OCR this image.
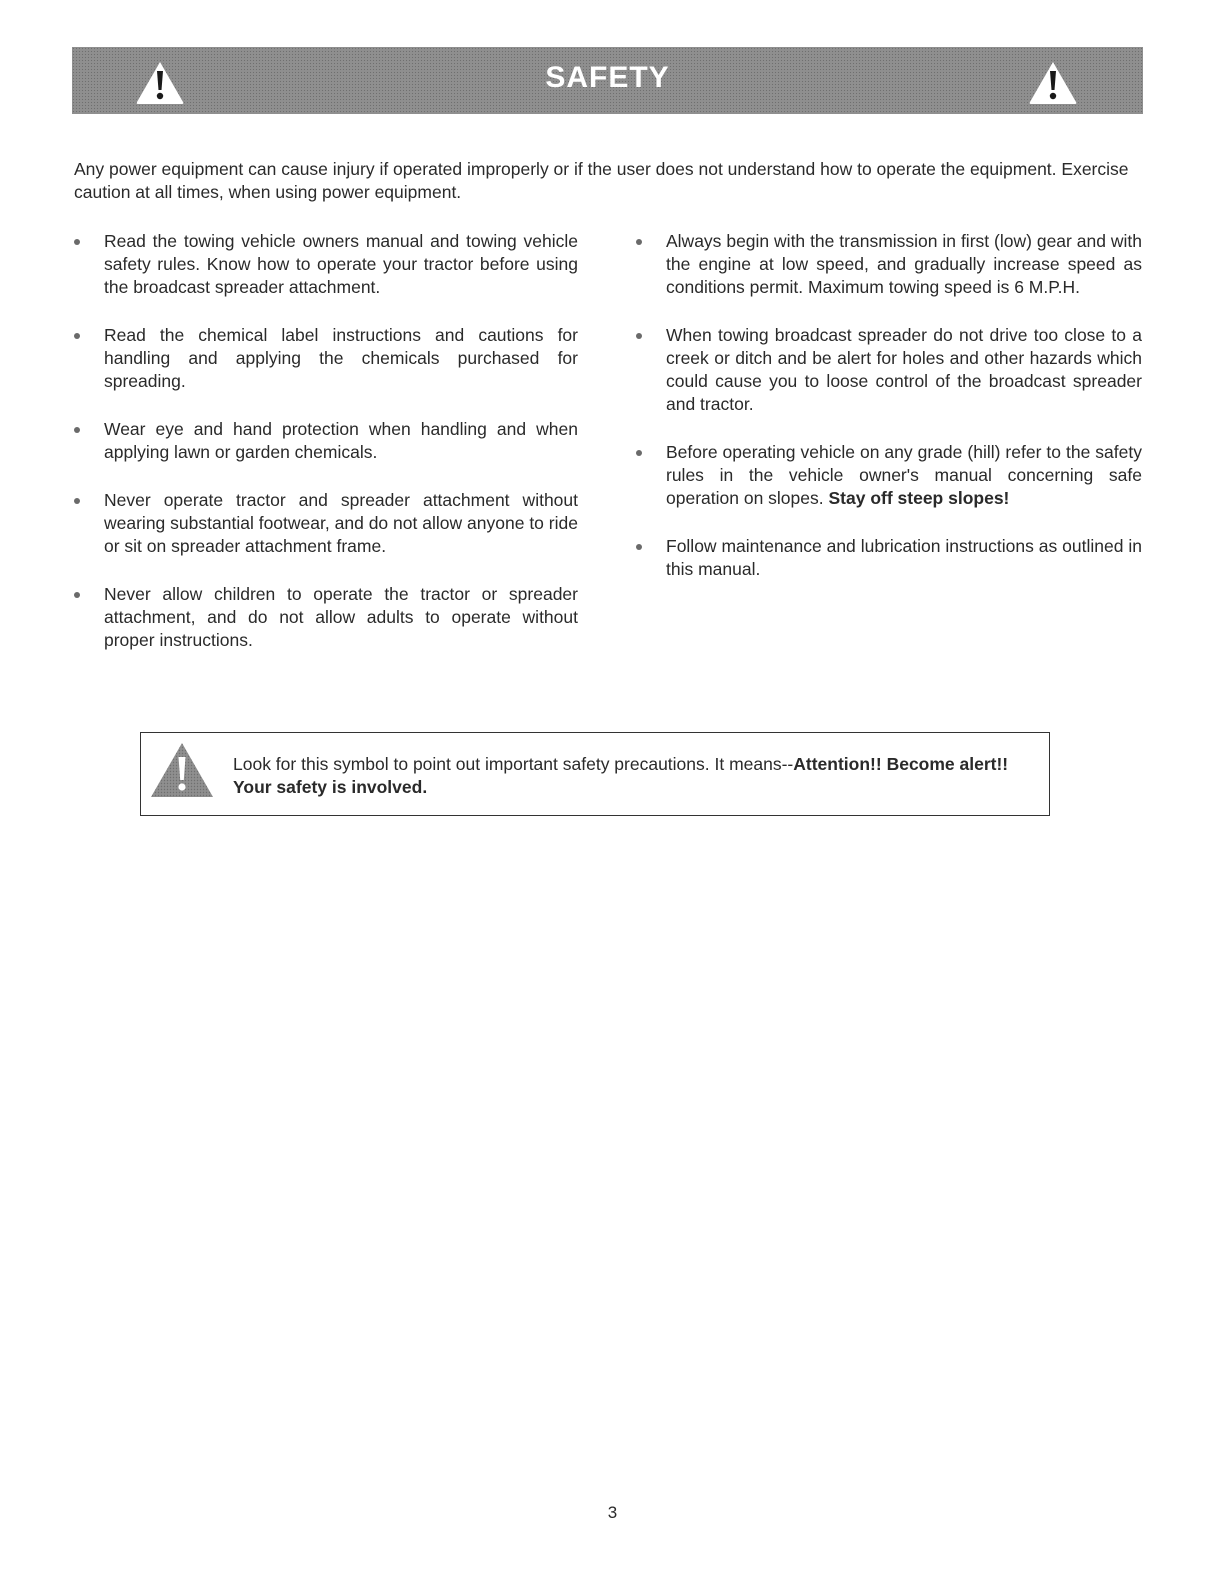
SAFETY

Any power equipment can cause injury if operated improperly or if the user does not understand how to operate the equipment. Exercise caution at all times, when using power equipment.

Read the towing vehicle owners manual and towing vehicle safety rules. Know how to operate your tractor before using the broadcast spreader attachment.
Read the chemical label instructions and cautions for handling and applying the chemicals purchased for spreading.
Wear eye and hand protection when handling and when applying lawn or garden chemicals.
Never operate tractor and spreader attachment without wearing substantial footwear, and do not allow anyone to ride or sit on spreader attachment frame.
Never allow children to operate the tractor or spreader attachment, and do not allow adults to operate without proper instructions.
Always begin with the transmission in first (low) gear and with the engine at low speed, and gradually increase speed as conditions permit. Maximum towing speed is 6 M.P.H.
When towing broadcast spreader do not drive too close to a creek or ditch and be alert for holes and other hazards which could cause you to loose control of the broadcast spreader and tractor.
Before operating vehicle on any grade (hill) refer to the safety rules in the vehicle owner's manual concerning safe operation on slopes. Stay off steep slopes!
Follow maintenance and lubrication instructions as outlined in this manual.

Look for this symbol to point out important safety precautions. It means--Attention!! Become alert!! Your safety is involved.

3
